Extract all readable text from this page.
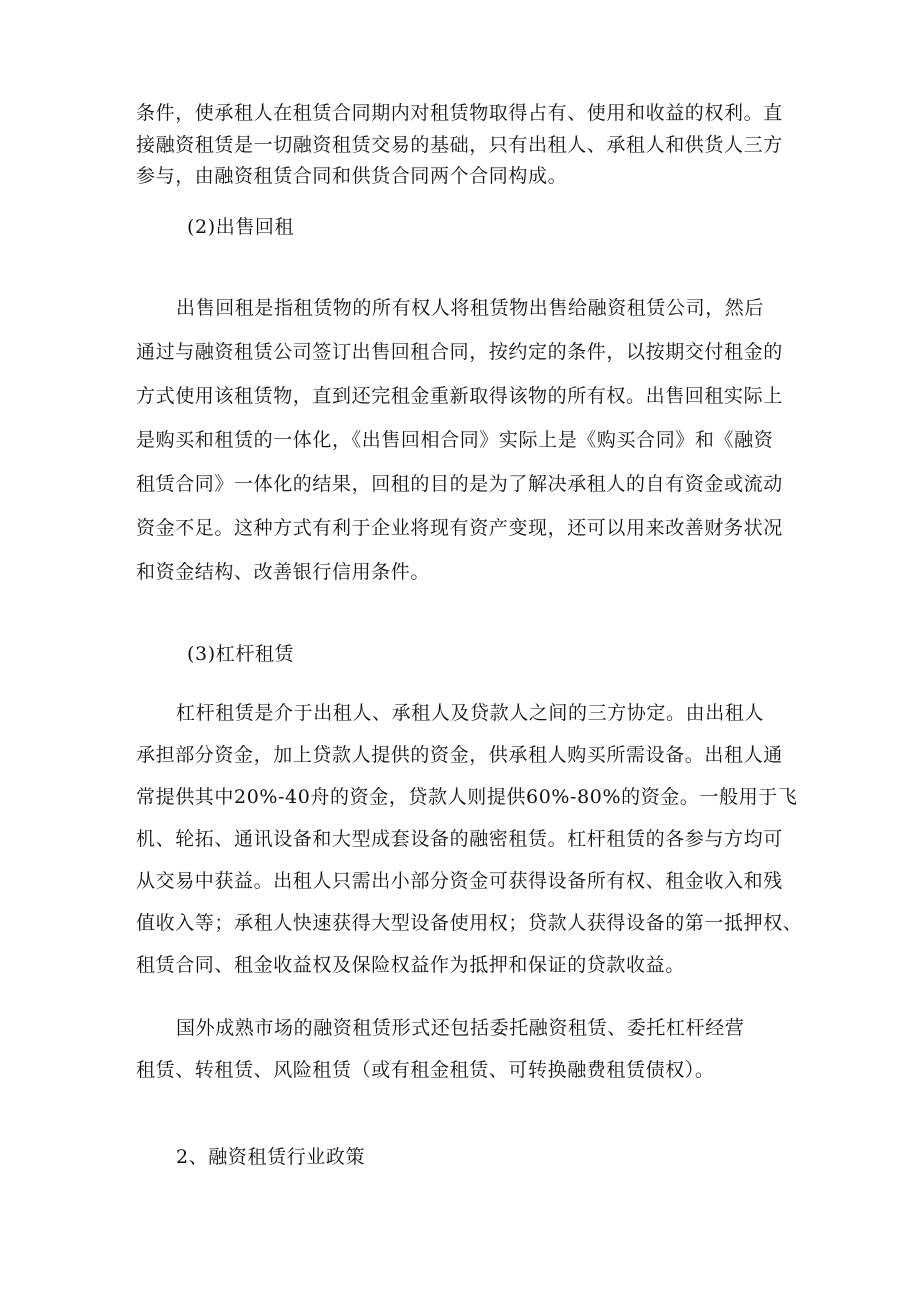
条件，使承租人在租赁合同期内对租赁物取得占有、使用和收益的权利。直

接融资租赁是一切融资租赁交易的基础，只有出租人、承租人和供货人三方

参与，由融资租赁合同和供货合同两个合同构成。

(2)出售回租

出售回租是指租赁物的所有权人将租赁物出售给融资租赁公司，然后

通过与融资租赁公司签订出售回租合同，按约定的条件，以按期交付租金的

方式使用该租赁物，直到还完租金重新取得该物的所有权。出售回租实际上

是购买和租赁的一体化，《出售回相合同》实际上是《购买合同》和《融资

租赁合同》一体化的结果，回租的目的是为了解决承租人的自有资金或流动

资金不足。这种方式有利于企业将现有资产变现，还可以用来改善财务状况

和资金结构、改善银行信用条件。

(3)杠杆租赁

杠杆租赁是介于出租人、承租人及贷款人之间的三方协定。由出租人

承担部分资金，加上贷款人提供的资金，供承租人购买所需设备。出租人通

常提供其中20%-40舟的资金，贷款人则提供60%-80%的资金。一般用于飞

机、轮拓、通讯设备和大型成套设备的融密租赁。杠杆租赁的各参与方均可

从交易中获益。出租人只需出小部分资金可获得设备所有权、租金收入和残

值收入等；承租人快速获得大型设备使用权；贷款人获得设备的第一抵押权、

租赁合同、租金收益权及保险权益作为抵押和保证的贷款收益。

国外成熟市场的融资租赁形式还包括委托融资租赁、委托杠杆经营

租赁、转租赁、风险租赁（或有租金租赁、可转换融费租赁债权）。

2、融资租赁行业政策
